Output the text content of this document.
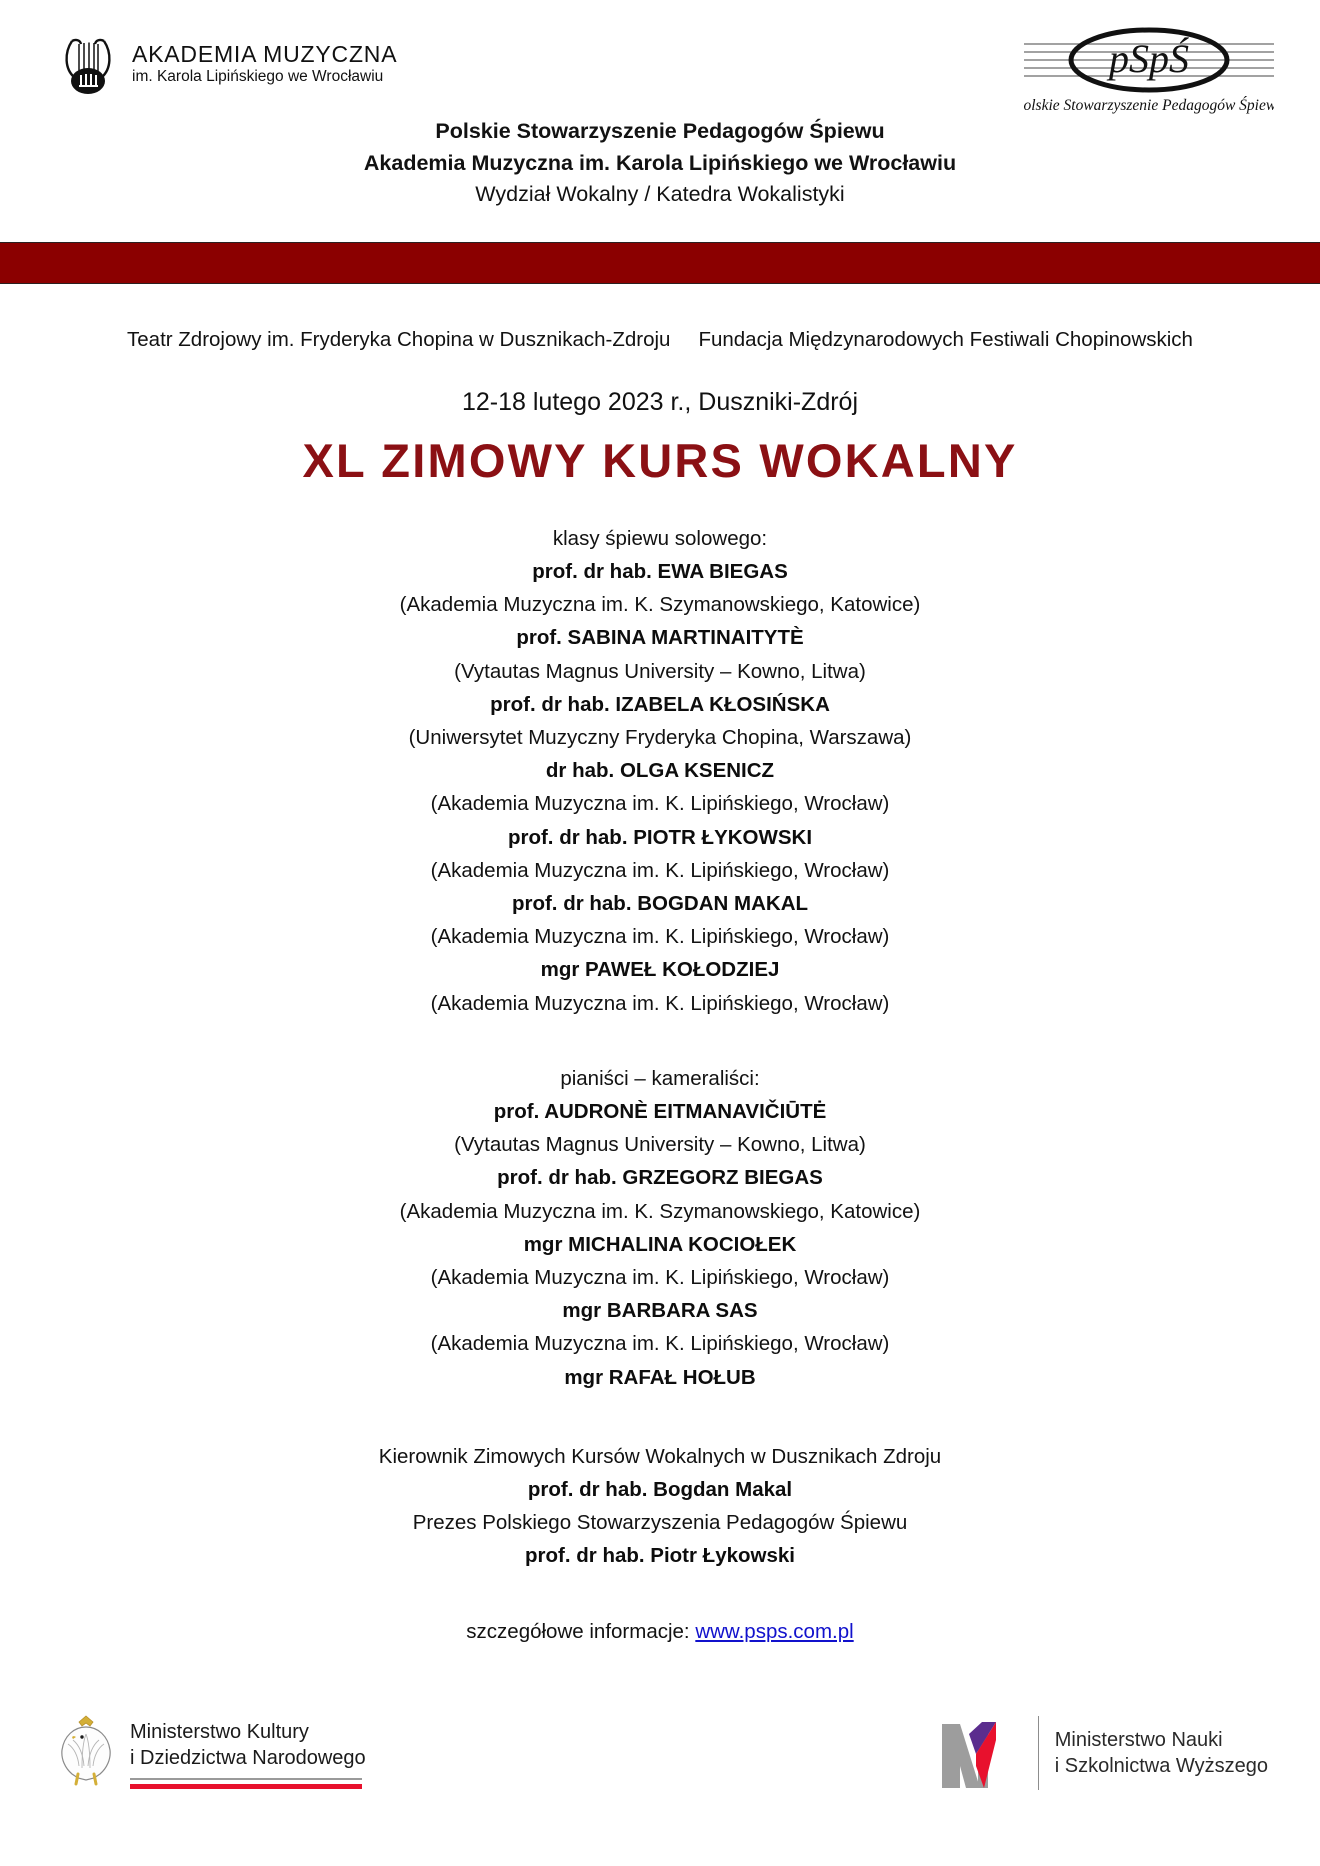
AKADEMIA MUZYCZNA
im. Karola Lipińskiego we Wrocławiu	pSpŚ
Polskie Stowarzyszenie Pedagogów Śpiewu
Polskie Stowarzyszenie Pedagogów Śpiewu
Akademia Muzyczna im. Karola Lipińskiego we Wrocławiu
Wydział Wokalny / Katedra Wokalistyki
Teatr Zdrojowy im. Fryderyka Chopina w Dusznikach-Zdroju Fundacja Międzynarodowych Festiwali Chopinowskich
12-18 lutego 2023 r., Duszniki-Zdrój
XL ZIMOWY KURS WOKALNY
klasy śpiewu solowego:
prof. dr hab. EWA BIEGAS
(Akademia Muzyczna im. K. Szymanowskiego, Katowice)
prof. SABINA MARTINAITYTÈ
(Vytautas Magnus University – Kowno, Litwa)
prof. dr hab. IZABELA KŁOSIŃSKA
(Uniwersytet Muzyczny Fryderyka Chopina, Warszawa)
dr hab. OLGA KSENICZ
(Akademia Muzyczna im. K. Lipińskiego, Wrocław)
prof. dr hab. PIOTR ŁYKOWSKI
(Akademia Muzyczna im. K. Lipińskiego, Wrocław)
prof. dr hab. BOGDAN MAKAL
(Akademia Muzyczna im. K. Lipińskiego, Wrocław)
mgr PAWEŁ KOŁODZIEJ
(Akademia Muzyczna im. K. Lipińskiego, Wrocław)
pianiści – kameraliści:
prof. AUDRONÈ EITMANAVIČIŪTĖ
(Vytautas Magnus University – Kowno, Litwa)
prof. dr hab. GRZEGORZ BIEGAS
(Akademia Muzyczna im. K. Szymanowskiego, Katowice)
mgr MICHALINA KOCIOŁEK
(Akademia Muzyczna im. K. Lipińskiego, Wrocław)
mgr BARBARA SAS
(Akademia Muzyczna im. K. Lipińskiego, Wrocław)
mgr RAFAŁ HOŁUB
Kierownik Zimowych Kursów Wokalnych w Dusznikach Zdroju
prof. dr hab. Bogdan Makal
Prezes Polskiego Stowarzyszenia Pedagogów Śpiewu
prof. dr hab. Piotr Łykowski
szczegółowe informacje: www.psps.com.pl
Ministerstwo Kultury
i Dziedzictwa Narodowego
Ministerstwo Nauki
i Szkolnictwa Wyższego
